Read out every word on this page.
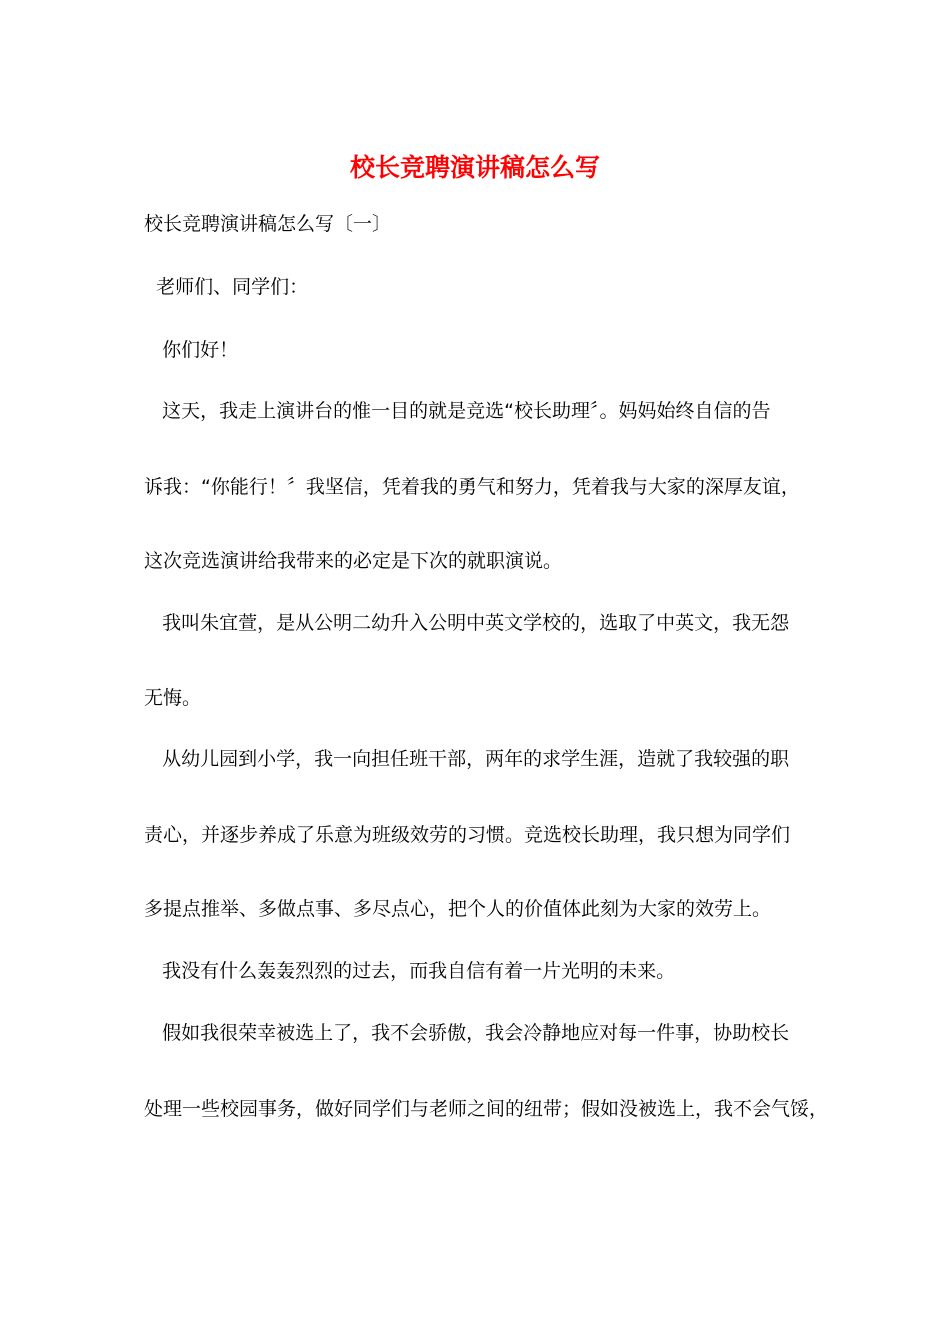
校长竞聘演讲稿怎么写
校长竞聘演讲稿怎么写〔一〕
老师们、同学们：
你们好！
这天，我走上演讲台的惟一目的就是竞选“校长助理〞。妈妈始终自信的告
诉我：“你能行！〞我坚信，凭着我的勇气和努力，凭着我与大家的深厚友谊，
这次竞选演讲给我带来的必定是下次的就职演说。
我叫朱宜萱，是从公明二幼升入公明中英文学校的，选取了中英文，我无怨
无悔。
从幼儿园到小学，我一向担任班干部，两年的求学生涯，造就了我较强的职
责心，并逐步养成了乐意为班级效劳的习惯。竞选校长助理，我只想为同学们
多提点推举、多做点事、多尽点心，把个人的价值体此刻为大家的效劳上。
我没有什么轰轰烈烈的过去，而我自信有着一片光明的未来。
假如我很荣幸被选上了，我不会骄傲，我会冷静地应对每一件事，协助校长
处理一些校园事务，做好同学们与老师之间的纽带；假如没被选上，我不会气馁，
